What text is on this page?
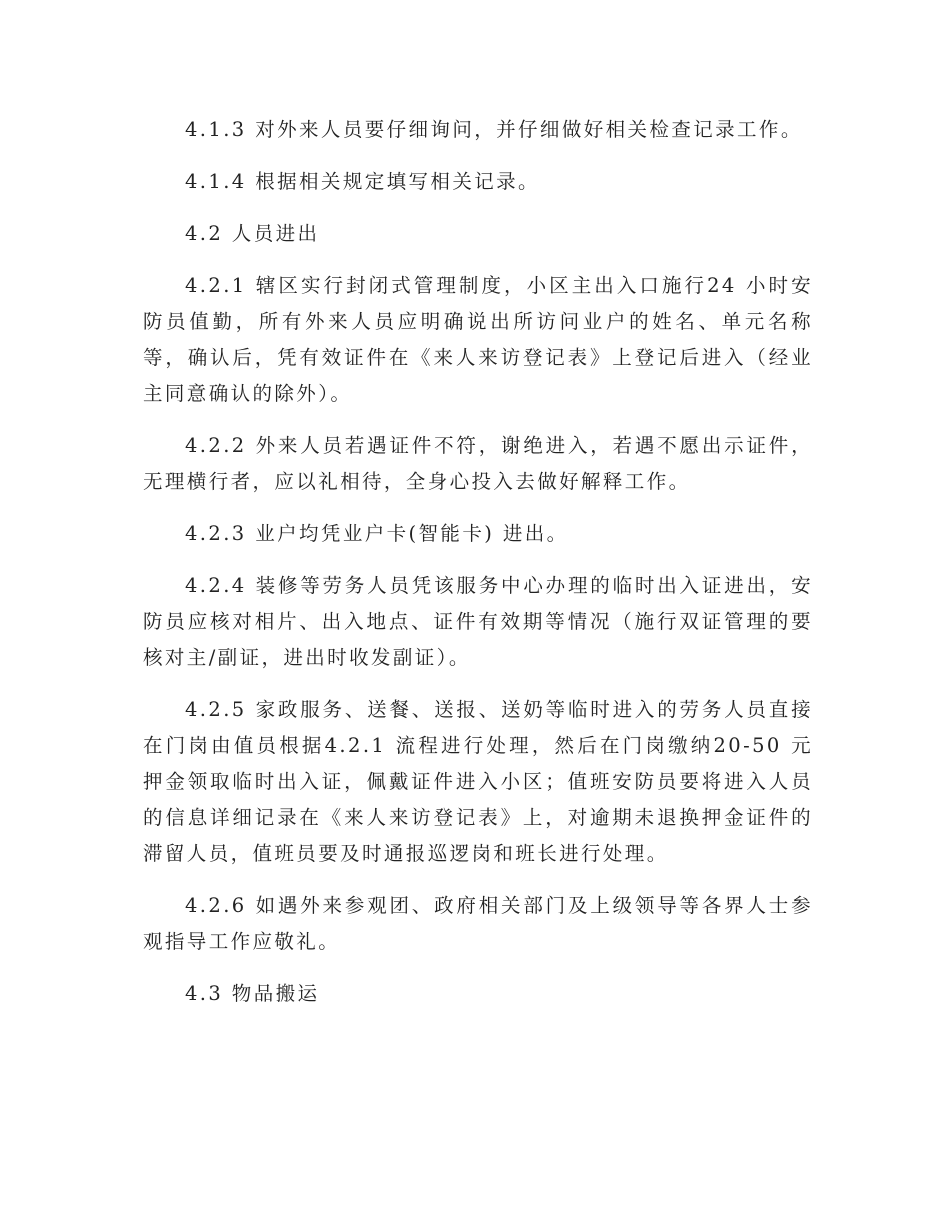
4.1.3 对外来人员要仔细询问，并仔细做好相关检查记录工作。

4.1.4 根据相关规定填写相关记录。

4.2 人员进出

4.2.1 辖区实行封闭式管理制度，小区主出入口施行24 小时安防员值勤，所有外来人员应明确说出所访问业户的姓名、单元名称等，确认后，凭有效证件在《来人来访登记表》上登记后进入（经业主同意确认的除外）。

4.2.2 外来人员若遇证件不符，谢绝进入，若遇不愿出示证件，无理横行者，应以礼相待，全身心投入去做好解释工作。

4.2.3 业户均凭业户卡(智能卡) 进出。

4.2.4 装修等劳务人员凭该服务中心办理的临时出入证进出，安防员应核对相片、出入地点、证件有效期等情况（施行双证管理的要核对主/副证，进出时收发副证）。

4.2.5 家政服务、送餐、送报、送奶等临时进入的劳务人员直接在门岗由值员根据4.2.1 流程进行处理，然后在门岗缴纳20-50 元押金领取临时出入证，佩戴证件进入小区；值班安防员要将进入人员的信息详细记录在《来人来访登记表》上，对逾期未退换押金证件的滞留人员，值班员要及时通报巡逻岗和班长进行处理。

4.2.6 如遇外来参观团、政府相关部门及上级领导等各界人士参观指导工作应敬礼。

4.3 物品搬运
